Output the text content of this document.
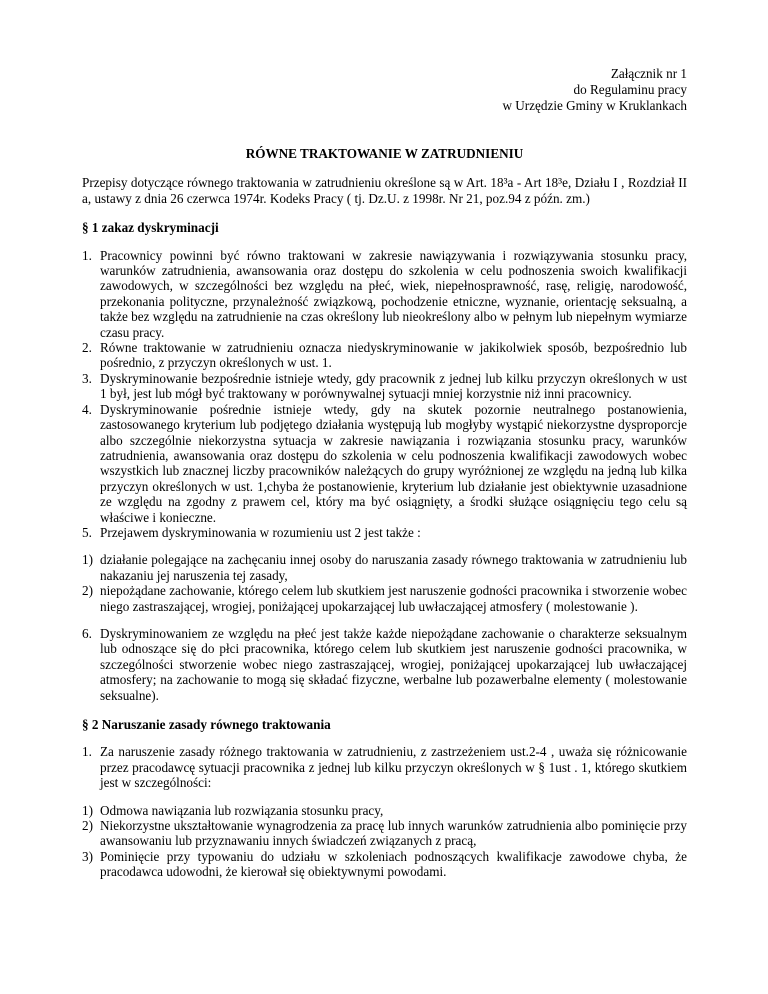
Załącznik nr 1
do Regulaminu pracy
w Urzędzie Gminy w Kruklankach
RÓWNE TRAKTOWANIE W ZATRUDNIENIU
Przepisy dotyczące równego traktowania w zatrudnieniu określone są w Art. 18³a - Art 18³e, Działu I , Rozdział II a, ustawy z dnia 26 czerwca 1974r. Kodeks Pracy ( tj. Dz.U. z 1998r. Nr 21, poz.94 z późn. zm.)
§ 1 zakaz dyskryminacji
1. Pracownicy powinni być równo traktowani w zakresie nawiązywania i rozwiązywania stosunku pracy, warunków zatrudnienia, awansowania oraz dostępu do szkolenia w celu podnoszenia swoich kwalifikacji zawodowych, w szczególności bez względu na płeć, wiek, niepełnosprawność, rasę, religię, narodowość, przekonania polityczne, przynależność związkową, pochodzenie etniczne, wyznanie, orientację seksualną, a także bez względu na zatrudnienie na czas określony lub nieokreślony albo w pełnym lub niepełnym wymiarze czasu pracy.
2. Równe traktowanie w zatrudnieniu oznacza niedyskryminowanie w jakikolwiek sposób, bezpośrednio lub pośrednio, z przyczyn określonych w ust. 1.
3. Dyskryminowanie bezpośrednie istnieje wtedy, gdy pracownik z jednej lub kilku przyczyn określonych w ust 1 był, jest lub mógł być traktowany w porównywalnej sytuacji mniej korzystnie niż inni pracownicy.
4. Dyskryminowanie pośrednie istnieje wtedy, gdy na skutek pozornie neutralnego postanowienia, zastosowanego kryterium lub podjętego działania występują lub mogłyby wystąpić niekorzystne dysproporcje albo szczególnie niekorzystna sytuacja w zakresie nawiązania i rozwiązania stosunku pracy, warunków zatrudnienia, awansowania oraz dostępu do szkolenia w celu podnoszenia kwalifikacji zawodowych wobec wszystkich lub znacznej liczby pracowników należących do grupy wyróżnionej ze względu na jedną lub kilka przyczyn określonych w ust. 1,chyba że postanowienie, kryterium lub działanie jest obiektywnie uzasadnione ze względu na zgodny z prawem cel, który ma być osiągnięty, a środki służące osiągnięciu tego celu są właściwe i konieczne.
5. Przejawem dyskryminowania w rozumieniu ust 2 jest także :
1) działanie polegające na zachęcaniu innej osoby do naruszania zasady równego traktowania w zatrudnieniu lub nakazaniu jej naruszenia tej zasady,
2) niepożądane zachowanie, którego celem lub skutkiem jest naruszenie godności pracownika i stworzenie wobec niego zastraszającej, wrogiej, poniżającej upokarzającej lub uwłaczającej atmosfery ( molestowanie ).
6. Dyskryminowaniem ze względu na płeć jest także każde niepożądane zachowanie o charakterze seksualnym lub odnoszące się do płci pracownika, którego celem lub skutkiem jest naruszenie godności pracownika, w szczególności stworzenie wobec niego zastraszającej, wrogiej, poniżającej upokarzającej lub uwłaczającej atmosfery; na zachowanie to mogą się składać fizyczne, werbalne lub pozawerbalne elementy ( molestowanie seksualne).
§ 2 Naruszanie zasady równego traktowania
1. Za naruszenie zasady różnego traktowania w zatrudnieniu, z zastrzeżeniem ust.2-4 , uważa się różnicowanie przez pracodawcę sytuacji pracownika z jednej lub kilku przyczyn określonych w § 1ust . 1, którego skutkiem jest w szczególności:
1) Odmowa nawiązania lub rozwiązania stosunku pracy,
2) Niekorzystne ukształtowanie wynagrodzenia za pracę lub innych warunków zatrudnienia albo pominięcie przy awansowaniu lub przyznawaniu innych świadczeń związanych z pracą,
3) Pominięcie przy typowaniu do udziału w szkoleniach podnoszących kwalifikacje zawodowe chyba, że pracodawca udowodni, że kierował się obiektywnymi powodami.
